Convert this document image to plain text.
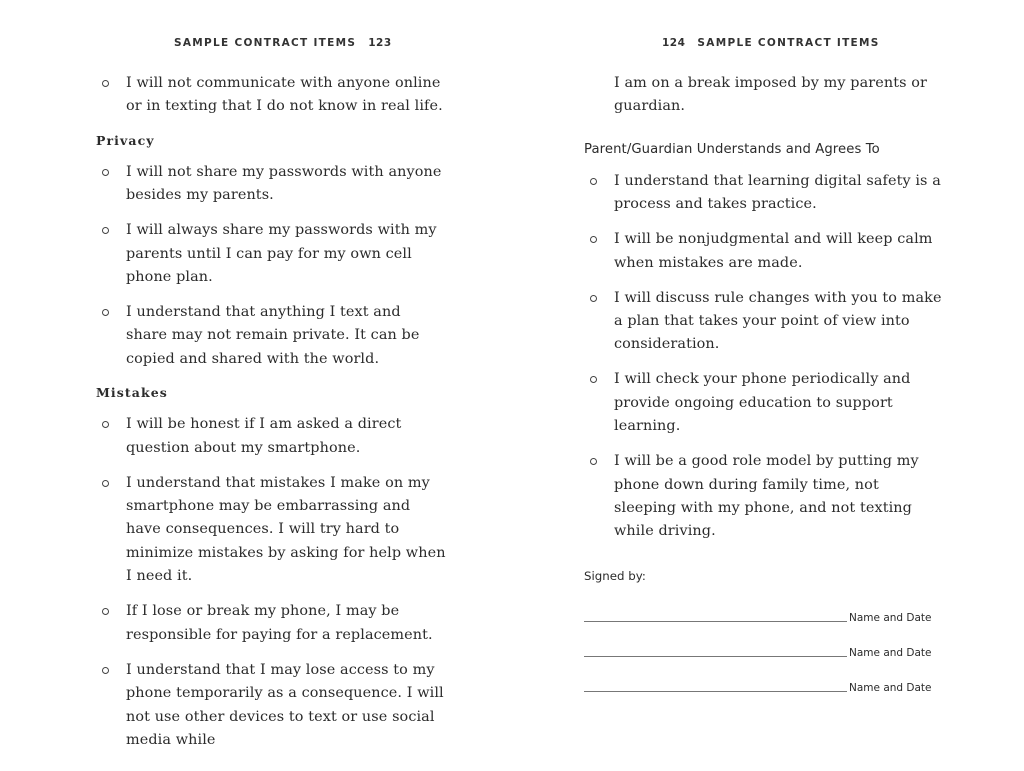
SAMPLE CONTRACT ITEMS 123

I will not communicate with anyone online or in texting that I do not know in real life.

Privacy

I will not share my passwords with anyone besides my parents.

I will always share my passwords with my parents until I can pay for my own cell phone plan.

I understand that anything I text and share may not remain private. It can be copied and shared with the world.

Mistakes

I will be honest if I am asked a direct question about my smartphone.

I understand that mistakes I make on my smartphone may be embarrassing and have consequences. I will try hard to minimize mistakes by asking for help when I need it.

If I lose or break my phone, I may be responsible for paying for a replacement.

I understand that I may lose access to my phone temporarily as a consequence. I will not use other devices to text or use social media while

124 SAMPLE CONTRACT ITEMS

I am on a break imposed by my parents or guardian.

Parent/Guardian Understands and Agrees To

I understand that learning digital safety is a process and takes practice.

I will be nonjudgmental and will keep calm when mistakes are made.

I will discuss rule changes with you to make a plan that takes your point of view into consideration.

I will check your phone periodically and provide ongoing education to support learning.

I will be a good role model by putting my phone down during family time, not sleeping with my phone, and not texting while driving.

Signed by:
Name and Date
Name and Date
Name and Date
